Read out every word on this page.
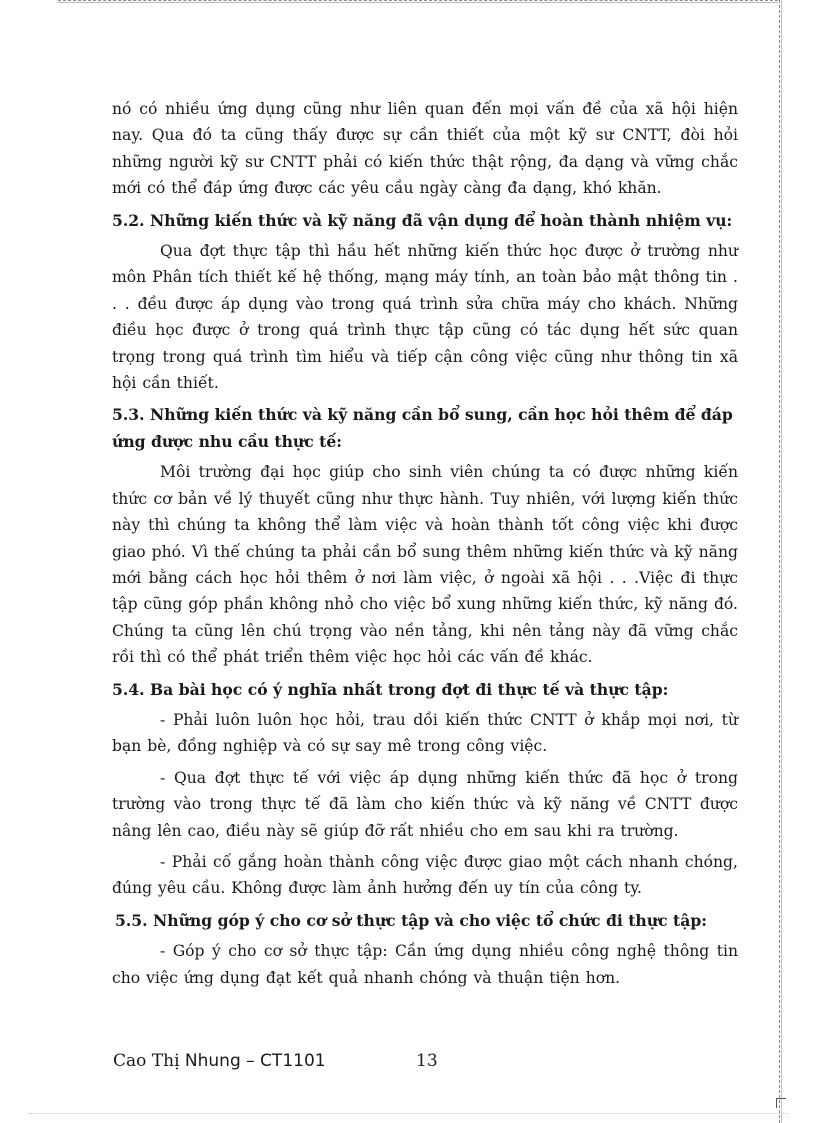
nó có nhiều ứng dụng cũng như liên quan đến mọi vấn đề của xã hội hiện nay. Qua đó ta cũng thấy được sự cần thiết của một kỹ sư CNTT, đòi hỏi những người kỹ sư CNTT phải có kiến thức thật rộng, đa dạng và vững chắc mới có thể đáp ứng được các yêu cầu ngày càng đa dạng, khó khăn.

5.2. Những kiến thức và kỹ năng đã vận dụng để hoàn thành nhiệm vụ:

Qua đợt thực tập thì hầu hết những kiến thức học được ở trường như môn Phân tích thiết kế hệ thống, mạng máy tính, an toàn bảo mật thông tin . . . đều được áp dụng vào trong quá trình sửa chữa máy cho khách. Những điều học được ở trong quá trình thực tập cũng có tác dụng hết sức quan trọng trong quá trình tìm hiểu và tiếp cận công việc cũng như thông tin xã hội cần thiết.

5.3. Những kiến thức và kỹ năng cần bổ sung, cần học hỏi thêm để đáp ứng được nhu cầu thực tế:

Môi trường đại học giúp cho sinh viên chúng ta có được những kiến thức cơ bản về lý thuyết cũng như thực hành. Tuy nhiên, với lượng kiến thức này thì chúng ta không thể làm việc và hoàn thành tốt công việc khi được giao phó. Vì thế chúng ta phải cần bổ sung thêm những kiến thức và kỹ năng mới bằng cách học hỏi thêm ở nơi làm việc, ở ngoài xã hội . . .Việc đi thực tập cũng góp phần không nhỏ cho việc bổ xung những kiến thức, kỹ năng đó. Chúng ta cũng lên chú trọng vào nền tảng, khi nên tảng này đã vững chắc rồi thì có thể phát triển thêm việc học hỏi các vấn đề khác.

5.4. Ba bài học có ý nghĩa nhất trong đợt đi thực tế và thực tập:

- Phải luôn luôn học hỏi, trau dồi kiến thức CNTT ở khắp mọi nơi, từ bạn bè, đồng nghiệp và có sự say mê trong công việc.

- Qua đợt thực tế với việc áp dụng những kiến thức đã học ở trong trường vào trong thực tế đã làm cho kiến thức và kỹ năng về CNTT được nâng lên cao, điều này sẽ giúp đỡ rất nhiều cho em sau khi ra trường.

- Phải cố gắng hoàn thành công việc được giao một cách nhanh chóng, đúng yêu cầu. Không được làm ảnh hưởng đến uy tín của công ty.

5.5. Những góp ý cho cơ sở thực tập và cho việc tổ chức đi thực tập:

- Góp ý cho cơ sở thực tập: Cần ứng dụng nhiều công nghệ thông tin cho việc ứng dụng đạt kết quả nhanh chóng và thuận tiện hơn.

Cao Thị Nhung – CT1101	13
